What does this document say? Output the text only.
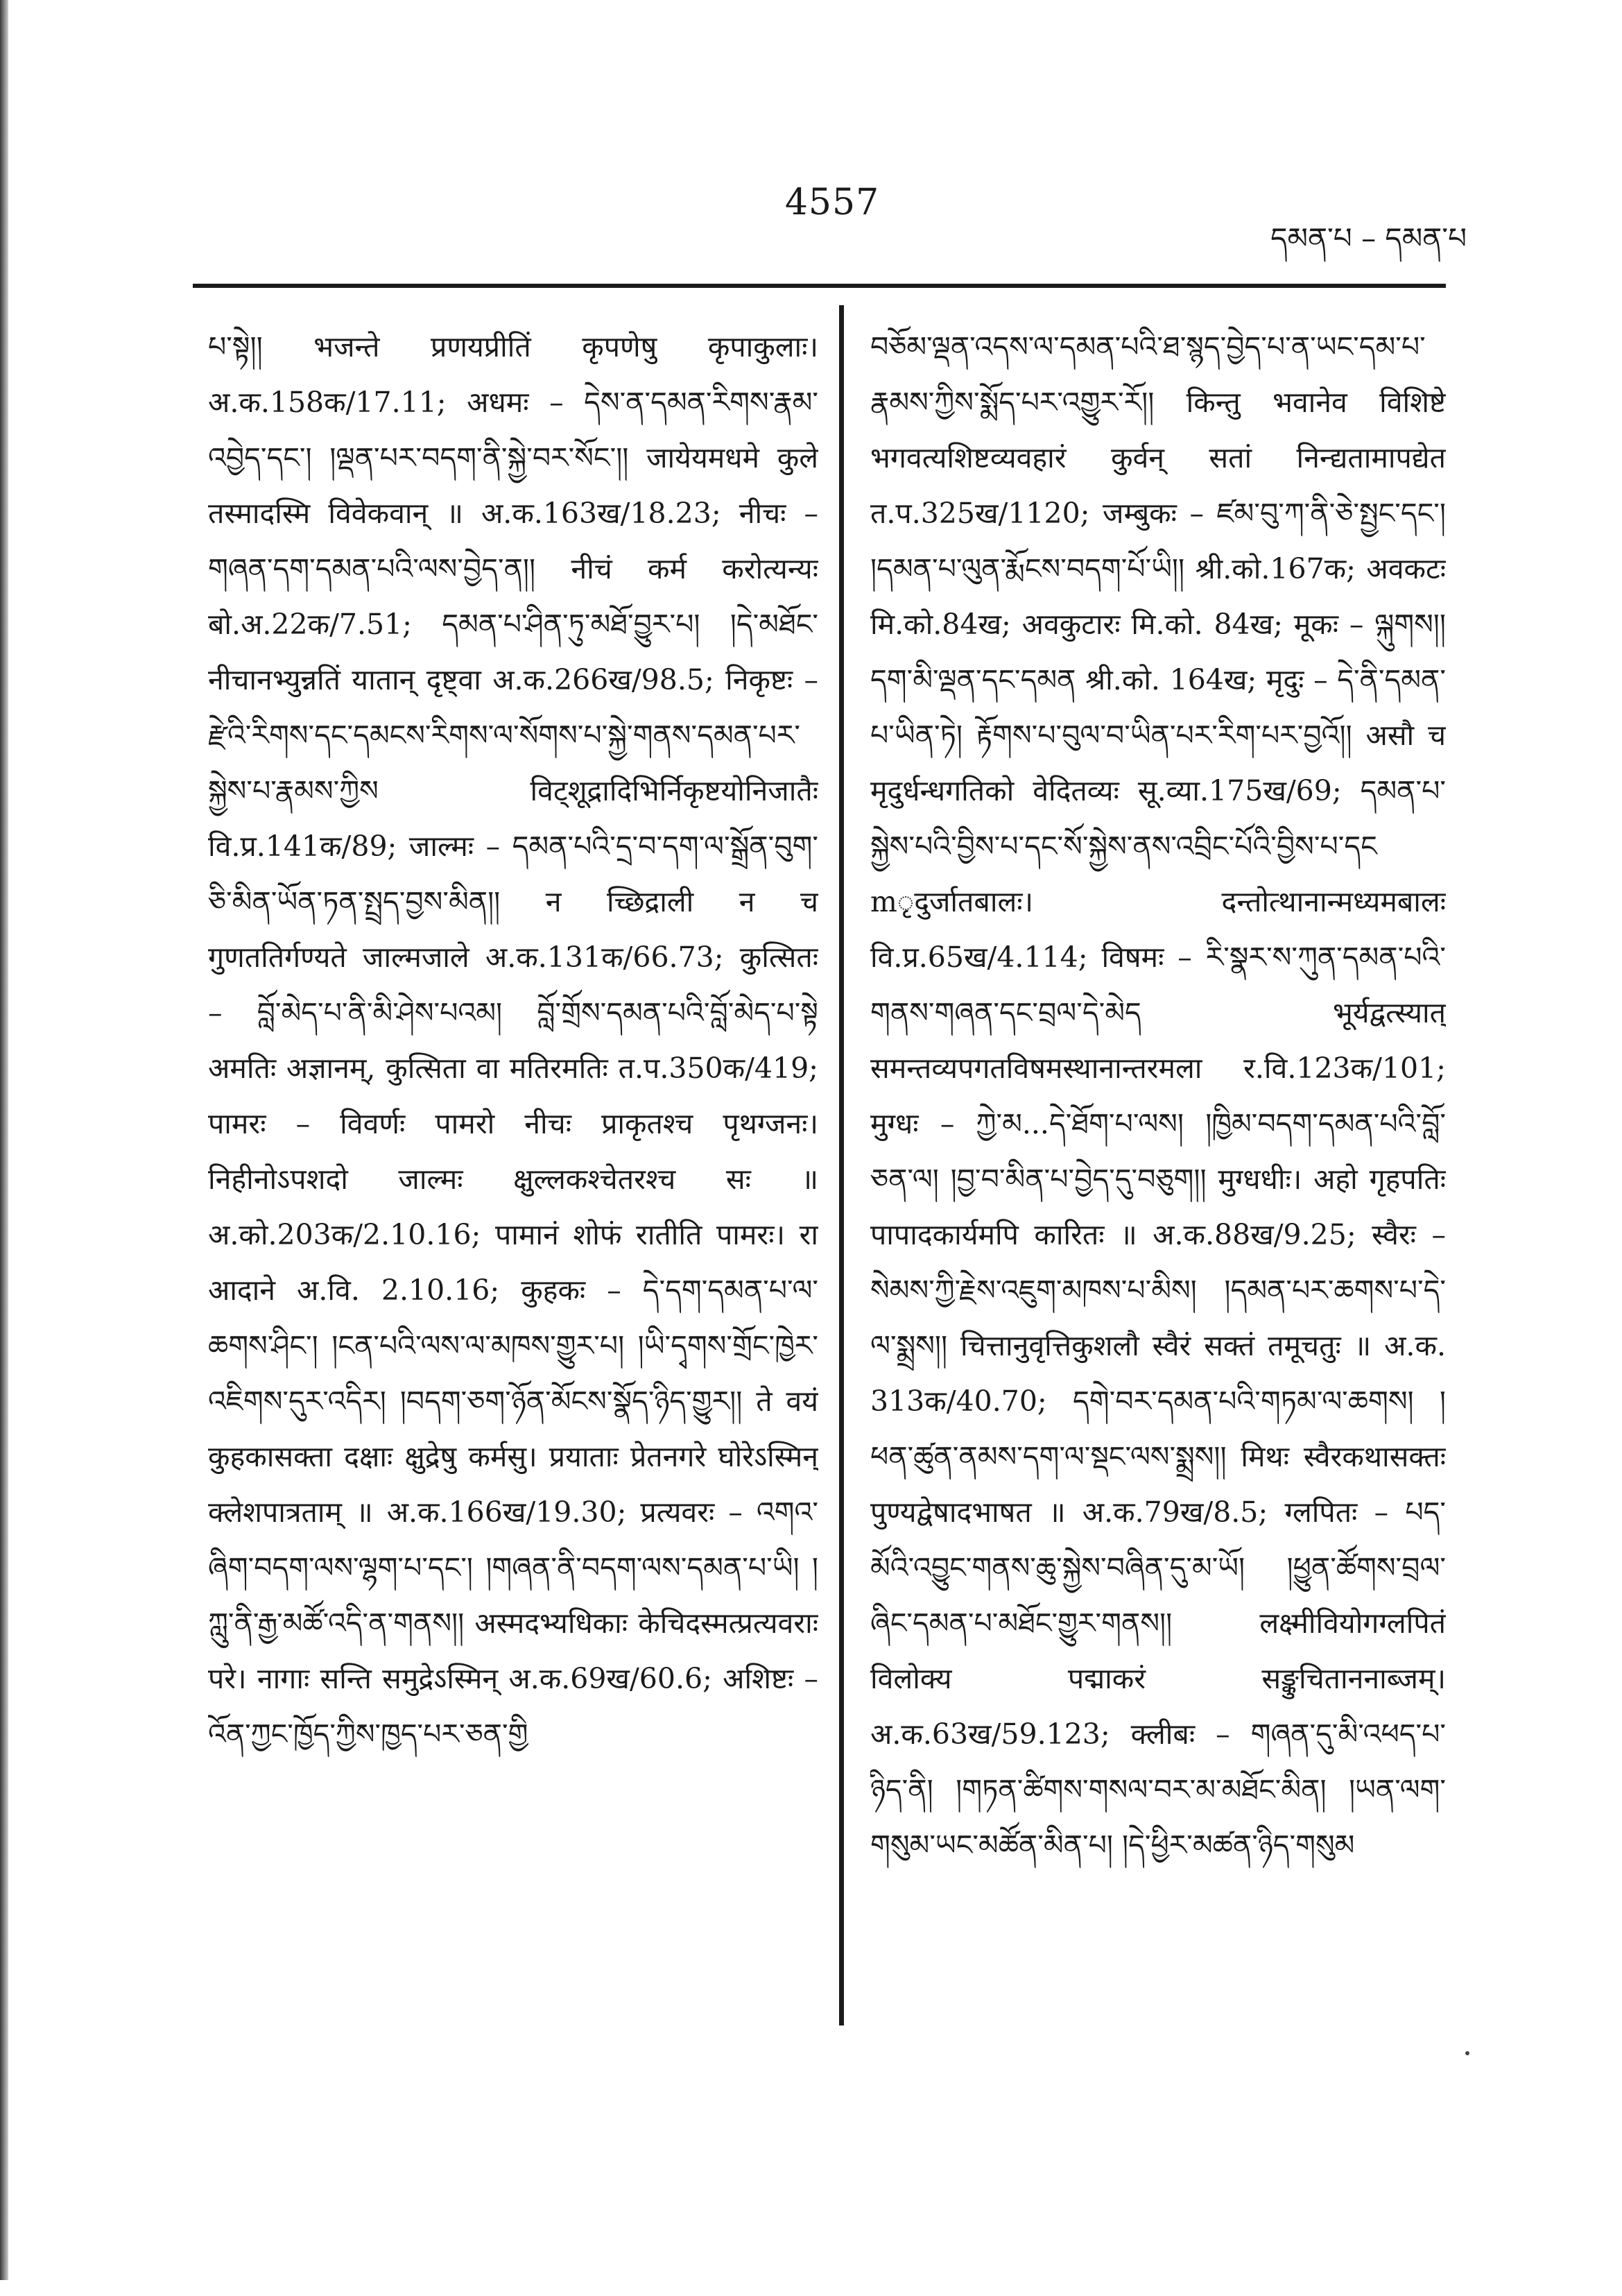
4557
དམན་པ – དམན་པ

པ་སྟེ།། भजन्ते प्रणयप्रीतिं कृपणेषु कृपाकुलाः। अ.क.158क/17.11; अधमः – དེས་ན་དམན་རིགས་རྣམ་འབྱེད་དང་། །ལྡན་པར་བདག་ནི་སྐྱེ་བར་སོང་།། जायेयमधमे कुले तस्मादस्मि विवेकवान् ॥ अ.क.163ख/18.23; नीचः – གཞན་དག་དམན་པའི་ལས་བྱེད་ན།། नीचं कर्म करोत्यन्यः बो.अ.22क/7.51; དམན་པ་ཤིན་ཏུ་མཐོ་བྱུར་པ། །དེ་མཐོང་ नीचानभ्युन्नतिं यातान् दृष्ट्वा अ.क.266ख/98.5; निकृष्टः – རྫེའི་རིགས་དང་དམངས་རིགས་ལ་སོགས་པ་སྐྱེ་གནས་དམན་པར་སྐྱེས་པ་རྣམས་ཀྱིས विट्शूद्रादिभिर्निकृष्टयोनिजातैः वि.प्र.141क/89; जाल्मः – དམན་པའི་དྲ་བ་དག་ལ་སྒྲོན་བུག་ཅི་མིན་ཡོན་ཏན་སྤྲད་བྱས་མིན།། न च्छिद्राली न च गुणततिर्गण्यते जाल्मजाले अ.क.131क/66.73; कुत्सितः – བློ་མེད་པ་ནི་མི་ཤེས་པའམ། བློ་གྲོས་དམན་པའི་བློ་མེད་པ་སྟེ अमतिः अज्ञानम्, कुत्सिता वा मतिरमतिः त.प.350क/419; पामरः – विवर्णः पामरो नीचः प्राकृतश्च पृथग्जनः। निहीनोऽपशदो जाल्मः क्षुल्लकश्चेतरश्च सः ॥ अ.को.203क/2.10.16; पामानं शोफं रातीति पामरः। रा आदाने अ.वि. 2.10.16; कुहकः – དེ་དག་དམན་པ་ལ་ཆགས་ཤིང་། །ངན་པའི་ལས་ལ་མཁས་གྱུར་པ། །ཡི་དྭགས་གྲོང་ཁྱེར་འཇིགས་དུར་འདིར། །བདག་ཅག་ཉོན་མོངས་སྣོད་ཉིད་གྱུར།། ते वयं कुहकासक्ता दक्षाः क्षुद्रेषु कर्मसु। प्रयाताः प्रेतनगरे घोरेऽस्मिन् क्लेशपात्रताम् ॥ अ.क.166ख/19.30; प्रत्यवरः – འགའ་ཞིག་བདག་ལས་ལྷག་པ་དང་། །གཞན་ནི་བདག་ལས་དམན་པ་ཡི། །ཀླུ་ནི་རྒྱ་མཚོ་འདི་ན་གནས།། अस्मदभ्यधिकाः केचिदस्मत्प्रत्यवराः परे। नागाः सन्ति समुद्रेऽस्मिन् अ.क.69ख/60.6; अशिष्टः – འོན་ཀྱང་ཁྱོད་ཀྱིས་ཁྱད་པར་ཅན་གྱི

བཅོམ་ལྡན་འདས་ལ་དམན་པའི་ཐ་སྙད་བྱེད་པ་ན་ཡང་དམ་པ་རྣམས་ཀྱིས་སྨོད་པར་འགྱུར་རོ།། किन्तु भवानेव विशिष्टे भगवत्यशिष्टव्यवहारं कुर्वन् सतां निन्द्यतामापद्येत त.प.325ख/1120; जम्बुकः – ཛམ་བུ་ཀ་ནི་ཅེ་སྤྱང་དང་། །དམན་པ་ལུན་རྨོངས་བདག་པོ་ཡི།། श्री.को.167क; अवकटः मि.को.84ख; अवकुटारः मि.को. 84ख; मूकः – ལྐུགས།། དག་མི་ལྡན་དང་དམན श्री.को. 164ख; मृदुः – དེ་ནི་དམན་པ་ཡིན་ཏེ། རྟོགས་པ་བུལ་བ་ཡིན་པར་རིག་པར་བྱའོ།། असौ च मृदुर्धन्धगतिको वेदितव्यः सू.व्या.175ख/69; དམན་པ་སྐྱེས་པའི་བྱིས་པ་དང་སོ་སྐྱེས་ནས་འབྲིང་པོའི་བྱིས་པ་དང mृदुर्जातबालः। दन्तोत्थानान्मध्यमबालः वि.प्र.65ख/4.114; विषमः – རི་སྣར་ས་ཀུན་དམན་པའི་གནས་གཞན་དང་བྲལ་དེ་མེད भूर्यद्वत्स्यात् समन्तव्यपगतविषमस्थानान्तरमला र.वि.123क/101; मुग्धः – ཀྱེ་མ...དེ་ཐོག་པ་ལས། །ཁྱིམ་བདག་དམན་པའི་བློ་ཅན་ལ། །བྱ་བ་མིན་པ་བྱེད་དུ་བཅུག།། मुग्धधीः। अहो गृहपतिः पापादकार्यमपि कारितः ॥ अ.क.88ख/9.25; स्वैरः – སེམས་ཀྱི་རྗེས་འཇུག་མཁས་པ་མིས། །དམན་པར་ཆགས་པ་དེ་ལ་སྨྲས།། चित्तानुवृत्तिकुशलौ स्वैरं सक्तं तमूचतुः ॥ अ.क. 313क/40.70; དགེ་བར་དམན་པའི་གཏམ་ལ་ཆགས། །ཕན་ཚུན་ནམས་དག་ལ་སྡང་ལས་སྨྲས།། मिथः स्वैरकथासक्तः पुण्यद्वेषादभाषत ॥ अ.क.79ख/8.5; ग्लपितः – པད་མོའི་འབྱུང་གནས་ཆུ་སྐྱེས་བཞིན་དུ་མ་ཡོ། །ཕྱུན་ཚོགས་བྲལ་ཞིང་དམན་པ་མཐོང་གྱུར་གནས།། लक्ष्मीवियोगग्लपितं विलोक्य पद्माकरं सङ्कुचिताननाब्जम्। अ.क.63ख/59.123; क्लीबः – གཞན་དུ་མི་འཕད་པ་ཉིད་ནི། །གཏན་ཚིགས་གསལ་བར་མ་མཐོང་མིན། །ཡན་ལག་གསུམ་ཡང་མཚོན་མིན་པ། །དེ་ཕྱིར་མཚན་ཉིད་གསུམ
